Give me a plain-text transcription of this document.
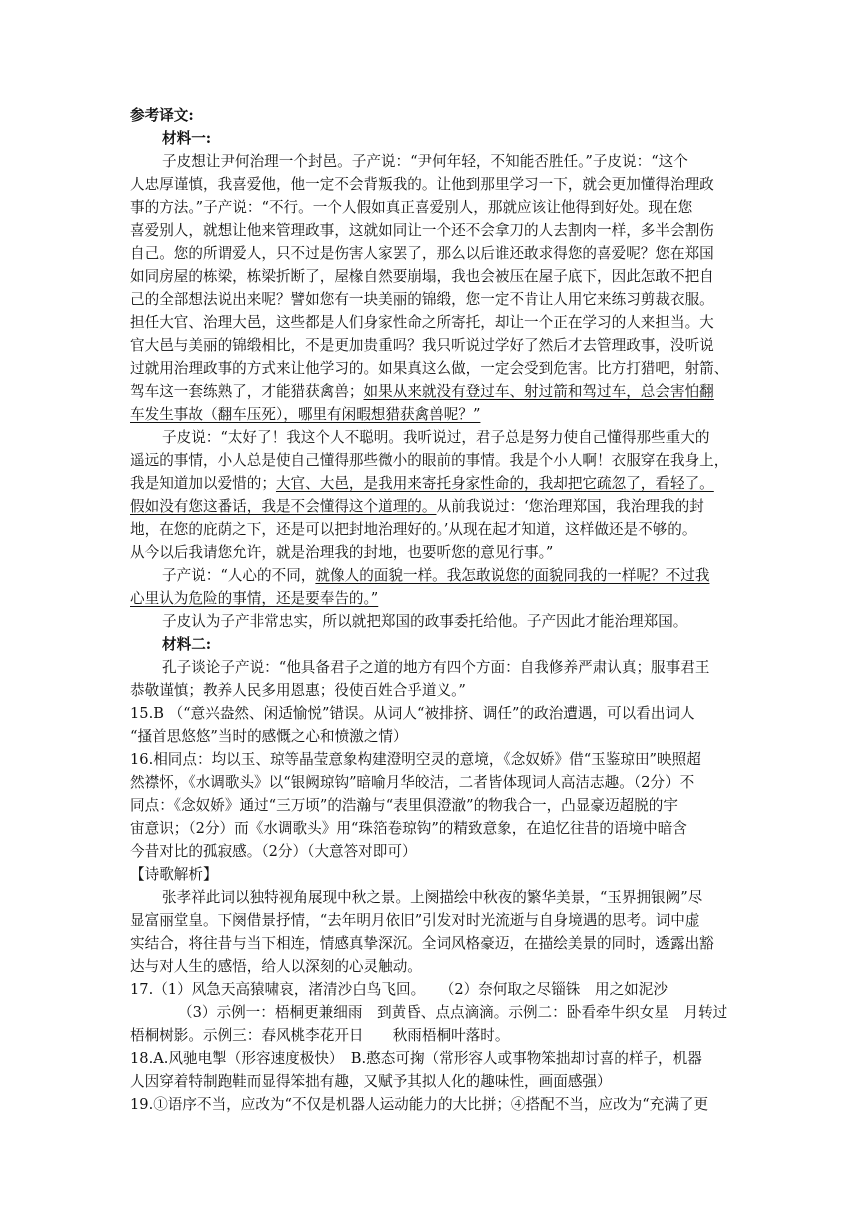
参考译文:
材料一:
子皮想让尹何治理一个封邑。子产说：“尹何年轻，不知能否胜任。”子皮说：“这个
人忠厚谨慎，我喜爱他，他一定不会背叛我的。让他到那里学习一下，就会更加懂得治理政
事的方法。”子产说：“不行。一个人假如真正喜爱别人，那就应该让他得到好处。现在您
喜爱别人，就想让他来管理政事，这就如同让一个还不会拿刀的人去割肉一样，多半会割伤
自己。您的所谓爱人，只不过是伤害人家罢了，那么以后谁还敢求得您的喜爱呢？您在郑国
如同房屋的栋梁，栋梁折断了，屋椽自然要崩塌，我也会被压在屋子底下，因此怎敢不把自
己的全部想法说出来呢？譬如您有一块美丽的锦缎，您一定不肯让人用它来练习剪裁衣服。
担任大官、治理大邑，这些都是人们身家性命之所寄托，却让一个正在学习的人来担当。大
官大邑与美丽的锦缎相比，不是更加贵重吗？我只听说过学好了然后才去管理政事，没听说
过就用治理政事的方式来让他学习的。如果真这么做，一定会受到危害。比方打猎吧，射箭、
驾车这一套练熟了，才能猎获禽兽；如果从来就没有登过车、射过箭和驾过车，总会害怕翻
车发生事故（翻车压死），哪里有闲暇想猎获禽兽呢？”
子皮说：“太好了！我这个人不聪明。我听说过，君子总是努力使自己懂得那些重大的
遥远的事情，小人总是使自己懂得那些微小的眼前的事情。我是个小人啊！衣服穿在我身上，
我是知道加以爱惜的；大官、大邑，是我用来寄托身家性命的，我却把它疏忽了，看轻了。
假如没有您这番话，我是不会懂得这个道理的。从前我说过：‘您治理郑国，我治理我的封
地，在您的庇荫之下，还是可以把封地治理好的。’从现在起才知道，这样做还是不够的。
从今以后我请您允许，就是治理我的封地，也要听您的意见行事。”
子产说：“人心的不同，就像人的面貌一样。我怎敢说您的面貌同我的一样呢？不过我
心里认为危险的事情，还是要奉告的。”
子皮认为子产非常忠实，所以就把郑国的政事委托给他。子产因此才能治理郑国。
材料二:
孔子谈论子产说：“他具备君子之道的地方有四个方面：自我修养严肃认真；服事君王
恭敬谨慎；教养人民多用恩惠；役使百姓合乎道义。”
15.B （“意兴盎然、闲适愉悦”错误。从词人“被排挤、调任”的政治遭遇，可以看出词人
“搔首思悠悠”当时的感慨之心和愤激之情）
16.相同点：均以玉、琼等晶莹意象构建澄明空灵的意境，《念奴娇》借“玉鉴琼田”映照超
然襟怀，《水调歌头》以“银阙琼钩”暗喻月华皎洁，二者皆体现词人高洁志趣。（2分）不
同点：《念奴娇》通过“三万顷”的浩瀚与“表里俱澄澈”的物我合一，凸显豪迈超脱的宇
宙意识；（2分）而《水调歌头》用“珠箔卷琼钩”的精致意象，在追忆往昔的语境中暗含
今昔对比的孤寂感。（2分）（大意答对即可）
【诗歌解析】
张孝祥此词以独特视角展现中秋之景。上阕描绘中秋夜的繁华美景，“玉界拥银阙”尽
显富丽堂皇。下阕借景抒情，“去年明月依旧”引发对时光流逝与自身境遇的思考。词中虚
实结合，将往昔与当下相连，情感真挚深沉。全词风格豪迈，在描绘美景的同时，透露出豁
达与对人生的感悟，给人以深刻的心灵触动。
17.（1）风急天高猿啸哀，渚清沙白鸟飞回。　　（2）奈何取之尽锱铢　用之如泥沙
（3）示例一：梧桐更兼细雨　到黄昏、点点滴滴。示例二：卧看牵牛织女星　月转过
梧桐树影。示例三：春风桃李花开日　　秋雨梧桐叶落时。
18.A.风驰电掣（形容速度极快）　B.憨态可掬（常形容人或事物笨拙却讨喜的样子，机器
人因穿着特制跑鞋而显得笨拙有趣，又赋予其拟人化的趣味性，画面感强）
19.①语序不当，应改为“不仅是机器人运动能力的大比拼；④搭配不当，应改为“充满了更
